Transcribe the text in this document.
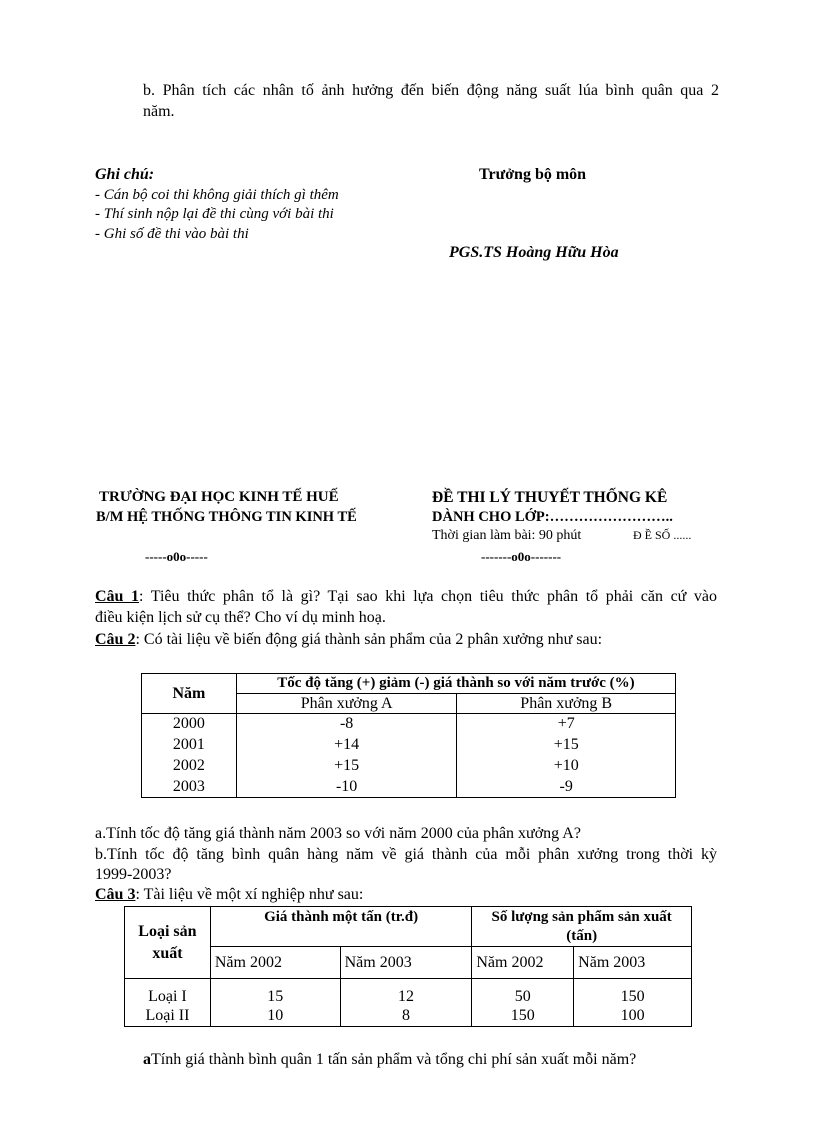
b. Phân tích các nhân tố ảnh hưởng đến biến động năng suất lúa bình quân qua 2
năm.
Ghi chú:
- Cán bộ coi thi không giải thích gì thêm
- Thí sinh nộp lại đề thi cùng với bài thi
- Ghi số đề thi vào bài thi
Trưởng bộ môn
PGS.TS Hoàng Hữu Hòa
TRƯỜNG ĐẠI HỌC KINH TẾ HUẾ
B/M HỆ THỐNG THÔNG TIN KINH TẾ
-----o0o-----
ĐỀ THI LÝ THUYẾT THỐNG KÊ
DÀNH CHO LỚP:……………………..
Thời gian làm bài: 90 phút	Đ Ề SỐ ......
-------o0o-------
Câu 1: Tiêu thức phân tổ là gì? Tại sao khi lựa chọn tiêu thức phân tổ phải căn cứ vào
điều kiện lịch sử cụ thể? Cho ví dụ minh hoạ.
Câu 2: Có tài liệu về biến động giá thành sản phẩm của 2 phân xưởng như sau:
Năm	Tốc độ tăng (+) giảm (-) giá thành so với năm trước (%)	
	Phân xưởng A	Phân xưởng B
2000	-8	+7
2001	+14	+15
2002	+15	+10
2003	-10	-9
a.Tính tốc độ tăng giá thành năm 2003 so với năm 2000 của phân xưởng A?
b.Tính tốc độ tăng bình quân hàng năm về giá thành của mỗi phân xưởng trong thời kỳ
1999-2003?
Câu 3: Tài liệu về một xí nghiệp như sau:
Loại sản
xuất	Giá thành một tấn (tr.đ)		Số lượng sản phẩm sản xuất (tấn)	
	Năm 2002	Năm 2003	Năm 2002	Năm 2003

Loại I	15	12	50	150
Loại II	10	8	150	100
aTính giá thành bình quân 1 tấn sản phẩm và tổng chi phí sản xuất mỗi năm?
